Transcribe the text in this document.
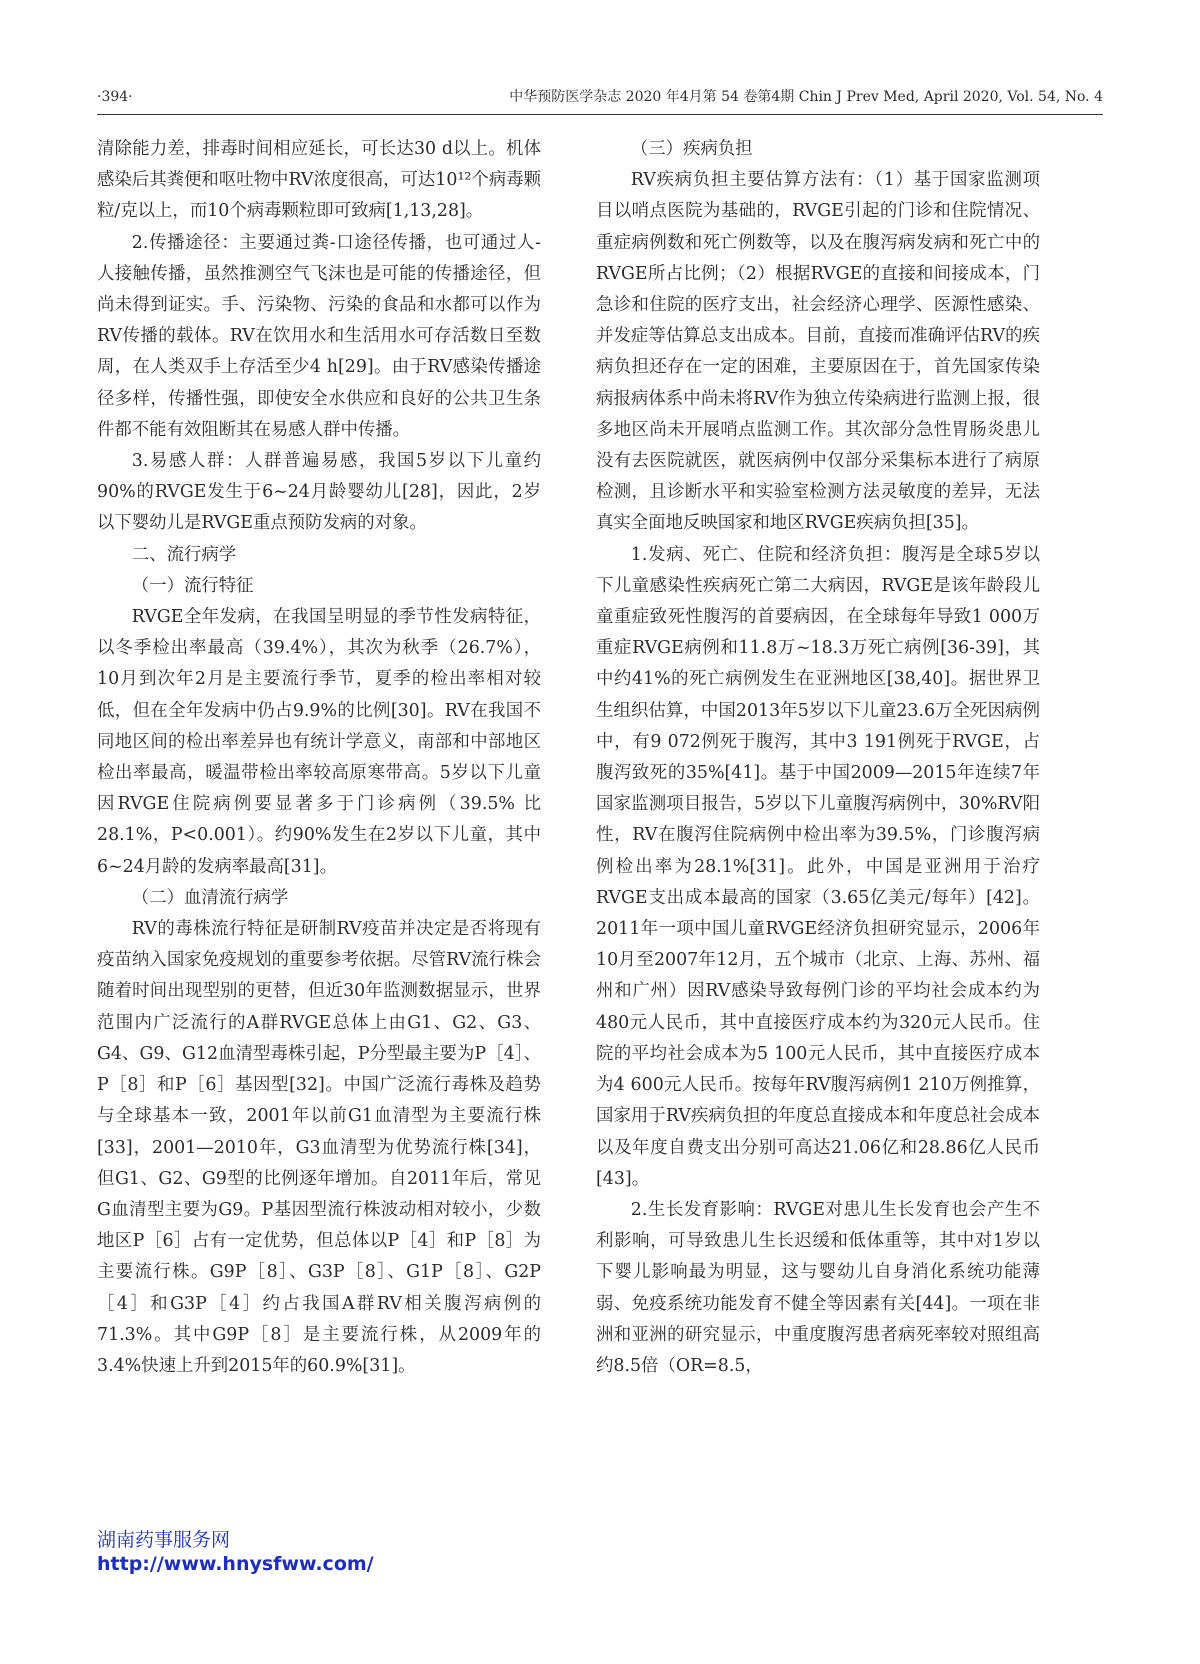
·394·	中华预防医学杂志 2020 年4月第 54 卷第4期 Chin J Prev Med, April 2020, Vol. 54, No. 4

清除能力差，排毒时间相应延长，可长达30 d以上。机体感染后其粪便和呕吐物中RV浓度很高，可达10¹²个病毒颗粒/克以上，而10个病毒颗粒即可致病[1,13,28]。

2.传播途径：主要通过粪-口途径传播，也可通过人-人接触传播，虽然推测空气飞沫也是可能的传播途径，但尚未得到证实。手、污染物、污染的食品和水都可以作为RV传播的载体。RV在饮用水和生活用水可存活数日至数周，在人类双手上存活至少4 h[29]。由于RV感染传播途径多样，传播性强，即使安全水供应和良好的公共卫生条件都不能有效阻断其在易感人群中传播。

3.易感人群：人群普遍易感，我国5岁以下儿童约90%的RVGE发生于6~24月龄婴幼儿[28]，因此，2岁以下婴幼儿是RVGE重点预防发病的对象。

二、流行病学

（一）流行特征

RVGE全年发病，在我国呈明显的季节性发病特征，以冬季检出率最高（39.4%），其次为秋季（26.7%），10月到次年2月是主要流行季节，夏季的检出率相对较低，但在全年发病中仍占9.9%的比例[30]。RV在我国不同地区间的检出率差异也有统计学意义，南部和中部地区检出率最高，暖温带检出率较高原寒带高。5岁以下儿童因RVGE住院病例要显著多于门诊病例（39.5% 比 28.1%，P<0.001）。约90%发生在2岁以下儿童，其中6~24月龄的发病率最高[31]。

（二）血清流行病学

RV的毒株流行特征是研制RV疫苗并决定是否将现有疫苗纳入国家免疫规划的重要参考依据。尽管RV流行株会随着时间出现型别的更替，但近30年监测数据显示，世界范围内广泛流行的A群RVGE总体上由G1、G2、G3、G4、G9、G12血清型毒株引起，P分型最主要为P［4］、P［8］和P［6］基因型[32]。中国广泛流行毒株及趋势与全球基本一致，2001年以前G1血清型为主要流行株[33]，2001—2010年，G3血清型为优势流行株[34]，但G1、G2、G9型的比例逐年增加。自2011年后，常见G血清型主要为G9。P基因型流行株波动相对较小，少数地区P［6］占有一定优势，但总体以P［4］和P［8］为主要流行株。G9P［8］、G3P［8］、G1P［8］、G2P［4］和G3P［4］约占我国A群RV相关腹泻病例的71.3%。其中G9P［8］是主要流行株，从2009年的3.4%快速上升到2015年的60.9%[31]。

（三）疾病负担

RV疾病负担主要估算方法有：（1）基于国家监测项目以哨点医院为基础的，RVGE引起的门诊和住院情况、重症病例数和死亡例数等，以及在腹泻病发病和死亡中的RVGE所占比例；（2）根据RVGE的直接和间接成本，门急诊和住院的医疗支出，社会经济心理学、医源性感染、并发症等估算总支出成本。目前，直接而准确评估RV的疾病负担还存在一定的困难，主要原因在于，首先国家传染病报病体系中尚未将RV作为独立传染病进行监测上报，很多地区尚未开展哨点监测工作。其次部分急性胃肠炎患儿没有去医院就医，就医病例中仅部分采集标本进行了病原检测，且诊断水平和实验室检测方法灵敏度的差异，无法真实全面地反映国家和地区RVGE疾病负担[35]。

1.发病、死亡、住院和经济负担：腹泻是全球5岁以下儿童感染性疾病死亡第二大病因，RVGE是该年龄段儿童重症致死性腹泻的首要病因，在全球每年导致1 000万重症RVGE病例和11.8万~18.3万死亡病例[36-39]，其中约41%的死亡病例发生在亚洲地区[38,40]。据世界卫生组织估算，中国2013年5岁以下儿童23.6万全死因病例中，有9 072例死于腹泻，其中3 191例死于RVGE，占腹泻致死的35%[41]。基于中国2009—2015年连续7年国家监测项目报告，5岁以下儿童腹泻病例中，30%RV阳性，RV在腹泻住院病例中检出率为39.5%，门诊腹泻病例检出率为28.1%[31]。此外，中国是亚洲用于治疗RVGE支出成本最高的国家（3.65亿美元/每年）[42]。2011年一项中国儿童RVGE经济负担研究显示，2006年10月至2007年12月，五个城市（北京、上海、苏州、福州和广州）因RV感染导致每例门诊的平均社会成本约为480元人民币，其中直接医疗成本约为320元人民币。住院的平均社会成本为5 100元人民币，其中直接医疗成本为4 600元人民币。按每年RV腹泻病例1 210万例推算，国家用于RV疾病负担的年度总直接成本和年度总社会成本以及年度自费支出分别可高达21.06亿和28.86亿人民币[43]。

2.生长发育影响：RVGE对患儿生长发育也会产生不利影响，可导致患儿生长迟缓和低体重等，其中对1岁以下婴儿影响最为明显，这与婴幼儿自身消化系统功能薄弱、免疫系统功能发育不健全等因素有关[44]。一项在非洲和亚洲的研究显示，中重度腹泻患者病死率较对照组高约8.5倍（OR=8.5，

湖南药事服务网
http://www.hnysfww.com/
